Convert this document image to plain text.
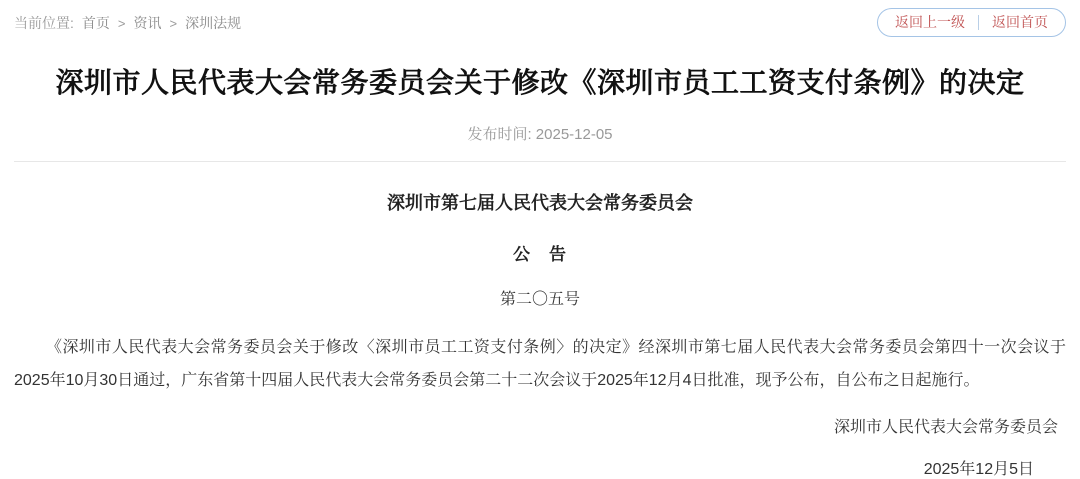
当前位置: 首页 > 资讯 > 深圳法规	返回上一级	返回首页
深圳市人民代表大会常务委员会关于修改《深圳市员工工资支付条例》的决定
发布时间: 2025-12-05
深圳市第七届人民代表大会常务委员会
公　告
第二〇五号

《深圳市人民代表大会常务委员会关于修改〈深圳市员工工资支付条例〉的决定》经深圳市第七届人民代表大会常务委员会第四十一次会议于2025年10月30日通过，广东省第十四届人民代表大会常务委员会第二十二次会议于2025年12月4日批准，现予公布，自公布之日起施行。

深圳市人民代表大会常务委员会
2025年12月5日
